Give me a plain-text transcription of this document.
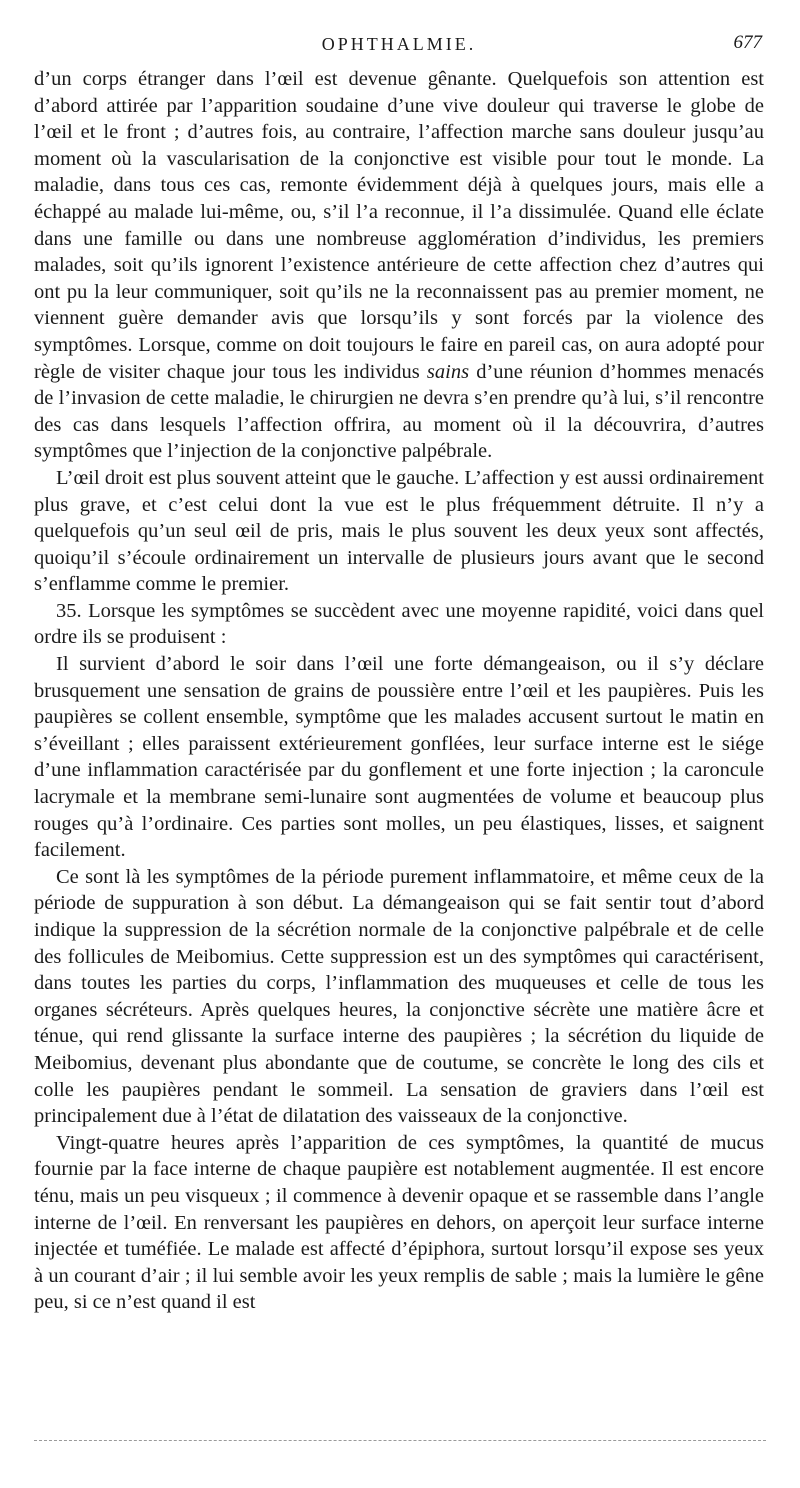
OPHTHALMIE.	677

d’un corps étranger dans l’œil est devenue gênante. Quelquefois son attention est d’abord attirée par l’apparition soudaine d’une vive douleur qui traverse le globe de l’œil et le front ; d’autres fois, au contraire, l’affection marche sans douleur jusqu’au moment où la vascularisation de la conjonctive est visible pour tout le monde. La maladie, dans tous ces cas, remonte évidemment déjà à quelques jours, mais elle a échappé au malade lui-même, ou, s’il l’a reconnue, il l’a dissimulée. Quand elle éclate dans une famille ou dans une nombreuse agglomération d’individus, les premiers malades, soit qu’ils ignorent l’existence antérieure de cette affection chez d’autres qui ont pu la leur communiquer, soit qu’ils ne la reconnaissent pas au premier moment, ne viennent guère demander avis que lorsqu’ils y sont forcés par la violence des symptômes. Lorsque, comme on doit toujours le faire en pareil cas, on aura adopté pour règle de visiter chaque jour tous les individus sains d’une réunion d’hommes menacés de l’invasion de cette maladie, le chirurgien ne devra s’en prendre qu’à lui, s’il rencontre des cas dans lesquels l’affection offrira, au moment où il la découvrira, d’autres symptômes que l’injection de la conjonctive palpébrale.

L’œil droit est plus souvent atteint que le gauche. L’affection y est aussi ordinairement plus grave, et c’est celui dont la vue est le plus fréquemment détruite. Il n’y a quelquefois qu’un seul œil de pris, mais le plus souvent les deux yeux sont affectés, quoiqu’il s’écoule ordinairement un intervalle de plusieurs jours avant que le second s’enflamme comme le premier.

35. Lorsque les symptômes se succèdent avec une moyenne rapidité, voici dans quel ordre ils se produisent :

Il survient d’abord le soir dans l’œil une forte démangeaison, ou il s’y déclare brusquement une sensation de grains de poussière entre l’œil et les paupières. Puis les paupières se collent ensemble, symptôme que les malades accusent surtout le matin en s’éveillant ; elles paraissent extérieurement gonflées, leur surface interne est le siége d’une inflammation caractérisée par du gonflement et une forte injection ; la caroncule lacrymale et la membrane semi-lunaire sont augmentées de volume et beaucoup plus rouges qu’à l’ordinaire. Ces parties sont molles, un peu élastiques, lisses, et saignent facilement.

Ce sont là les symptômes de la période purement inflammatoire, et même ceux de la période de suppuration à son début. La démangeaison qui se fait sentir tout d’abord indique la suppression de la sécrétion normale de la conjonctive palpébrale et de celle des follicules de Meibomius. Cette suppression est un des symptômes qui caractérisent, dans toutes les parties du corps, l’inflammation des muqueuses et celle de tous les organes sécréteurs. Après quelques heures, la conjonctive sécrète une matière âcre et ténue, qui rend glissante la surface interne des paupières ; la sécrétion du liquide de Meibomius, devenant plus abondante que de coutume, se concrète le long des cils et colle les paupières pendant le sommeil. La sensation de graviers dans l’œil est principalement due à l’état de dilatation des vaisseaux de la conjonctive.

Vingt-quatre heures après l’apparition de ces symptômes, la quantité de mucus fournie par la face interne de chaque paupière est notablement augmentée. Il est encore ténu, mais un peu visqueux ; il commence à devenir opaque et se rassemble dans l’angle interne de l’œil. En renversant les paupières en dehors, on aperçoit leur surface interne injectée et tuméfiée. Le malade est affecté d’épiphora, surtout lorsqu’il expose ses yeux à un courant d’air ; il lui semble avoir les yeux remplis de sable ; mais la lumière le gêne peu, si ce n’est quand il est
